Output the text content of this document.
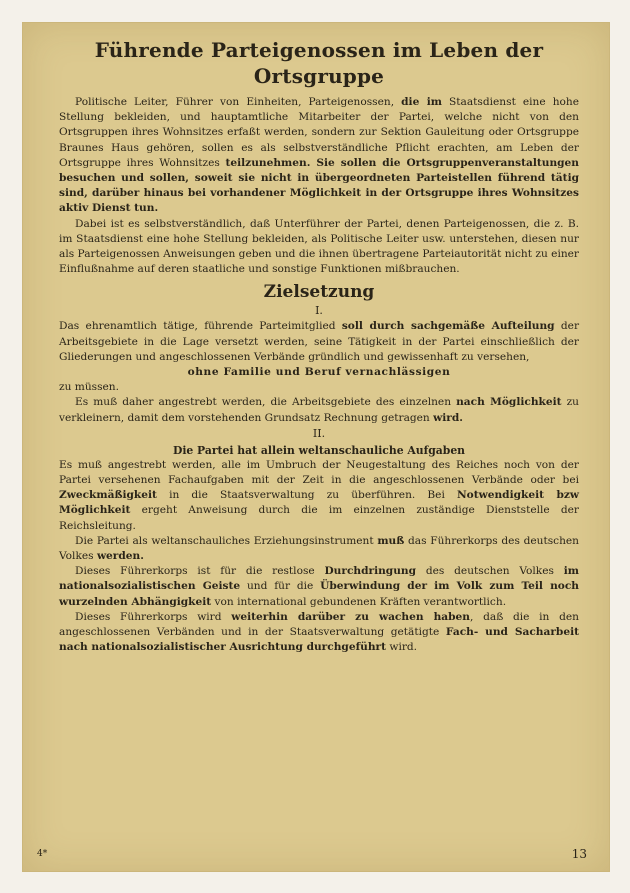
Führende Parteigenossen im Leben der Ortsgruppe

Politische Leiter, Führer von Einheiten, Parteigenossen, die im Staatsdienst eine hohe Stellung bekleiden, und hauptamtliche Mitarbeiter der Partei, welche nicht von den Ortsgruppen ihres Wohnsitzes erfaßt werden, sondern zur Sektion Gauleitung oder Ortsgruppe Braunes Haus gehören, sollen es als selbstverständliche Pflicht erachten, am Leben der Ortsgruppe ihres Wohnsitzes teilzunehmen. Sie sollen die Ortsgruppenveranstaltungen besuchen und sollen, soweit sie nicht in übergeordneten Parteistellen führend tätig sind, darüber hinaus bei vorhandener Möglichkeit in der Ortsgruppe ihres Wohnsitzes aktiv Dienst tun.

Dabei ist es selbstverständlich, daß Unterführer der Partei, denen Parteigenossen, die z. B. im Staatsdienst eine hohe Stellung bekleiden, als Politische Leiter usw. unterstehen, diesen nur als Parteigenossen Anweisungen geben und die ihnen übertragene Parteiautorität nicht zu einer Einflußnahme auf deren staatliche und sonstige Funktionen mißbrauchen.

Zielsetzung
I.

Das ehrenamtlich tätige, führende Parteimitglied soll durch sachgemäße Aufteilung der Arbeitsgebiete in die Lage versetzt werden, seine Tätigkeit in der Partei einschließlich der Gliederungen und angeschlossenen Verbände gründlich und gewissenhaft zu versehen,

ohne Familie und Beruf vernachlässigen

zu müssen.

Es muß daher angestrebt werden, die Arbeitsgebiete des einzelnen nach Möglichkeit zu verkleinern, damit dem vorstehenden Grundsatz Rechnung getragen wird.

II.
Die Partei hat allein weltanschauliche Aufgaben

Es muß angestrebt werden, alle im Umbruch der Neugestaltung des Reiches noch von der Partei versehenen Fachaufgaben mit der Zeit in die angeschlossenen Verbände oder bei Zweckmäßigkeit in die Staatsverwaltung zu überführen. Bei Notwendigkeit bzw Möglichkeit ergeht Anweisung durch die im einzelnen zuständige Dienststelle der Reichsleitung.

Die Partei als weltanschauliches Erziehungsinstrument muß das Führerkorps des deutschen Volkes werden.

Dieses Führerkorps ist für die restlose Durchdringung des deutschen Volkes im nationalsozialistischen Geiste und für die Überwindung der im Volk zum Teil noch wurzelnden Abhängigkeit von international gebundenen Kräften verantwortlich.

Dieses Führerkorps wird weiterhin darüber zu wachen haben, daß die in den angeschlossenen Verbänden und in der Staatsverwaltung getätigte Fach- und Sacharbeit nach nationalsozialistischer Ausrichtung durchgeführt wird.

4*	13
